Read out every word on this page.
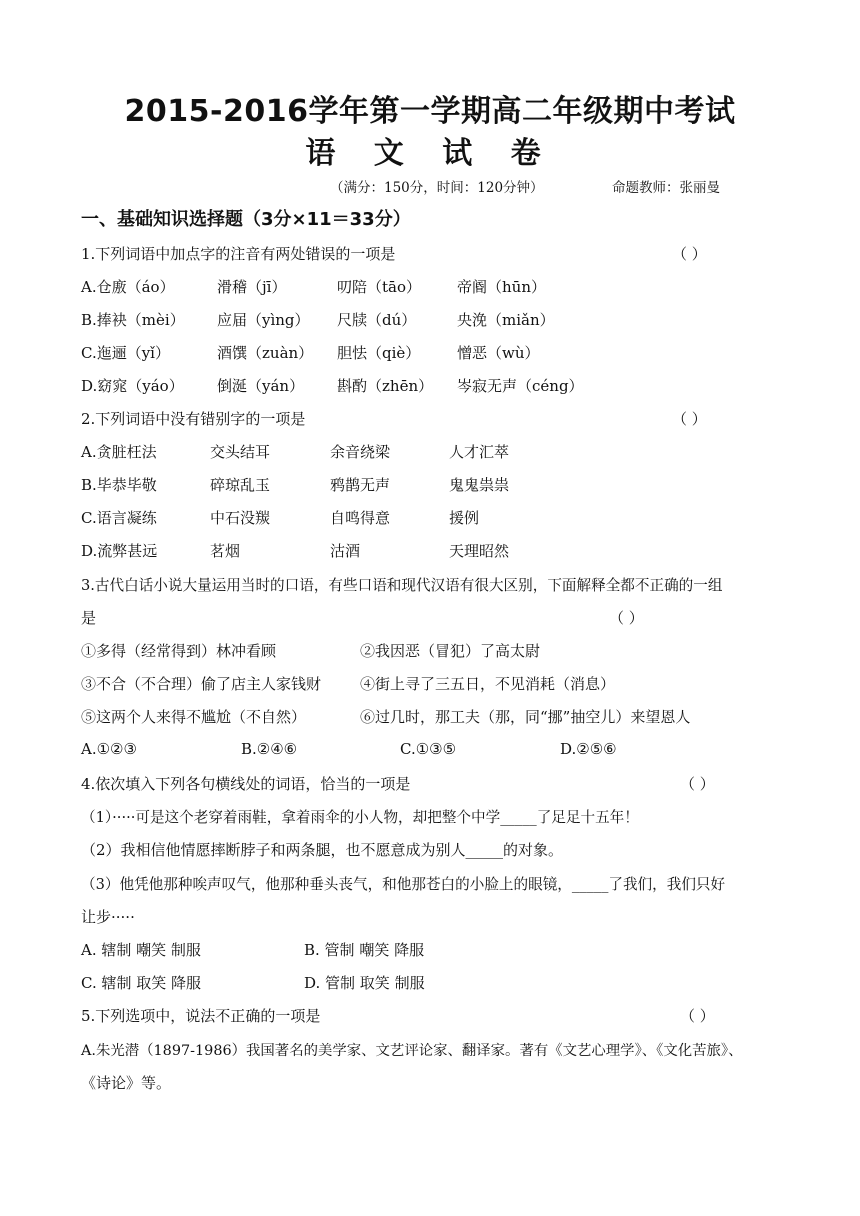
2015-2016学年第一学期高二年级期中考试
语 文 试 卷
（满分：150分，时间：120分钟）	命题教师：张丽曼
一、基础知识选择题（3分×11＝33分）
1.下列词语中加点字的注音有两处错误的一项是	（ ）
A.仓廒（áo）	滑稽（jī）	叨陪（tāo） 帝阍（hūn）
B.捧袂（mèi） 应届（yìng） 尺牍（dú）	央浼（miǎn）
C.迤逦（yǐ）	酒馔（zuàn） 胆怯（qiè） 憎恶（wù）
D.窈窕（yáo） 倒涎（yán） 斟酌（zhēn） 岑寂无声（céng）
2.下列词语中没有错别字的一项是	（ ）
A.贪脏枉法	交头结耳	余音绕梁	人才汇萃
B.毕恭毕敬	碎琼乱玉	鸦鹊无声	鬼鬼祟祟
C.语言凝练	中石没羰	自鸣得意	援例
D.流弊甚远	茗烟	沽酒	天理昭然
3.古代白话小说大量运用当时的口语，有些口语和现代汉语有很大区别，下面解释全都不正确的一组
是	（ ）
①多得（经常得到）林冲看顾	②我因恶（冒犯）了高太尉
③不合（不合理）偷了店主人家钱财	④街上寻了三五日，不见消耗（消息）
⑤这两个人来得不尴尬（不自然）	⑥过几时，那工夫（那，同“挪”抽空儿）来望恩人
A.①②③	B.②④⑥	C.①③⑤	D.②⑤⑥
4.依次填入下列各句横线处的词语，恰当的一项是	（ ）
（1）·····可是这个老穿着雨鞋，拿着雨伞的小人物，却把整个中学_____了足足十五年！
（2）我相信他情愿摔断脖子和两条腿，也不愿意成为别人_____的对象。
（3）他凭他那种唉声叹气，他那种垂头丧气，和他那苍白的小脸上的眼镜，_____了我们，我们只好
让步·····
A. 辖制 嘲笑 制服	B. 管制 嘲笑 降服
C. 辖制 取笑 降服	D. 管制 取笑 制服
5.下列选项中，说法不正确的一项是	（ ）
A.朱光潜（1897-1986）我国著名的美学家、文艺评论家、翻译家。著有《文艺心理学》、《文化苦旅》、
《诗论》等。
